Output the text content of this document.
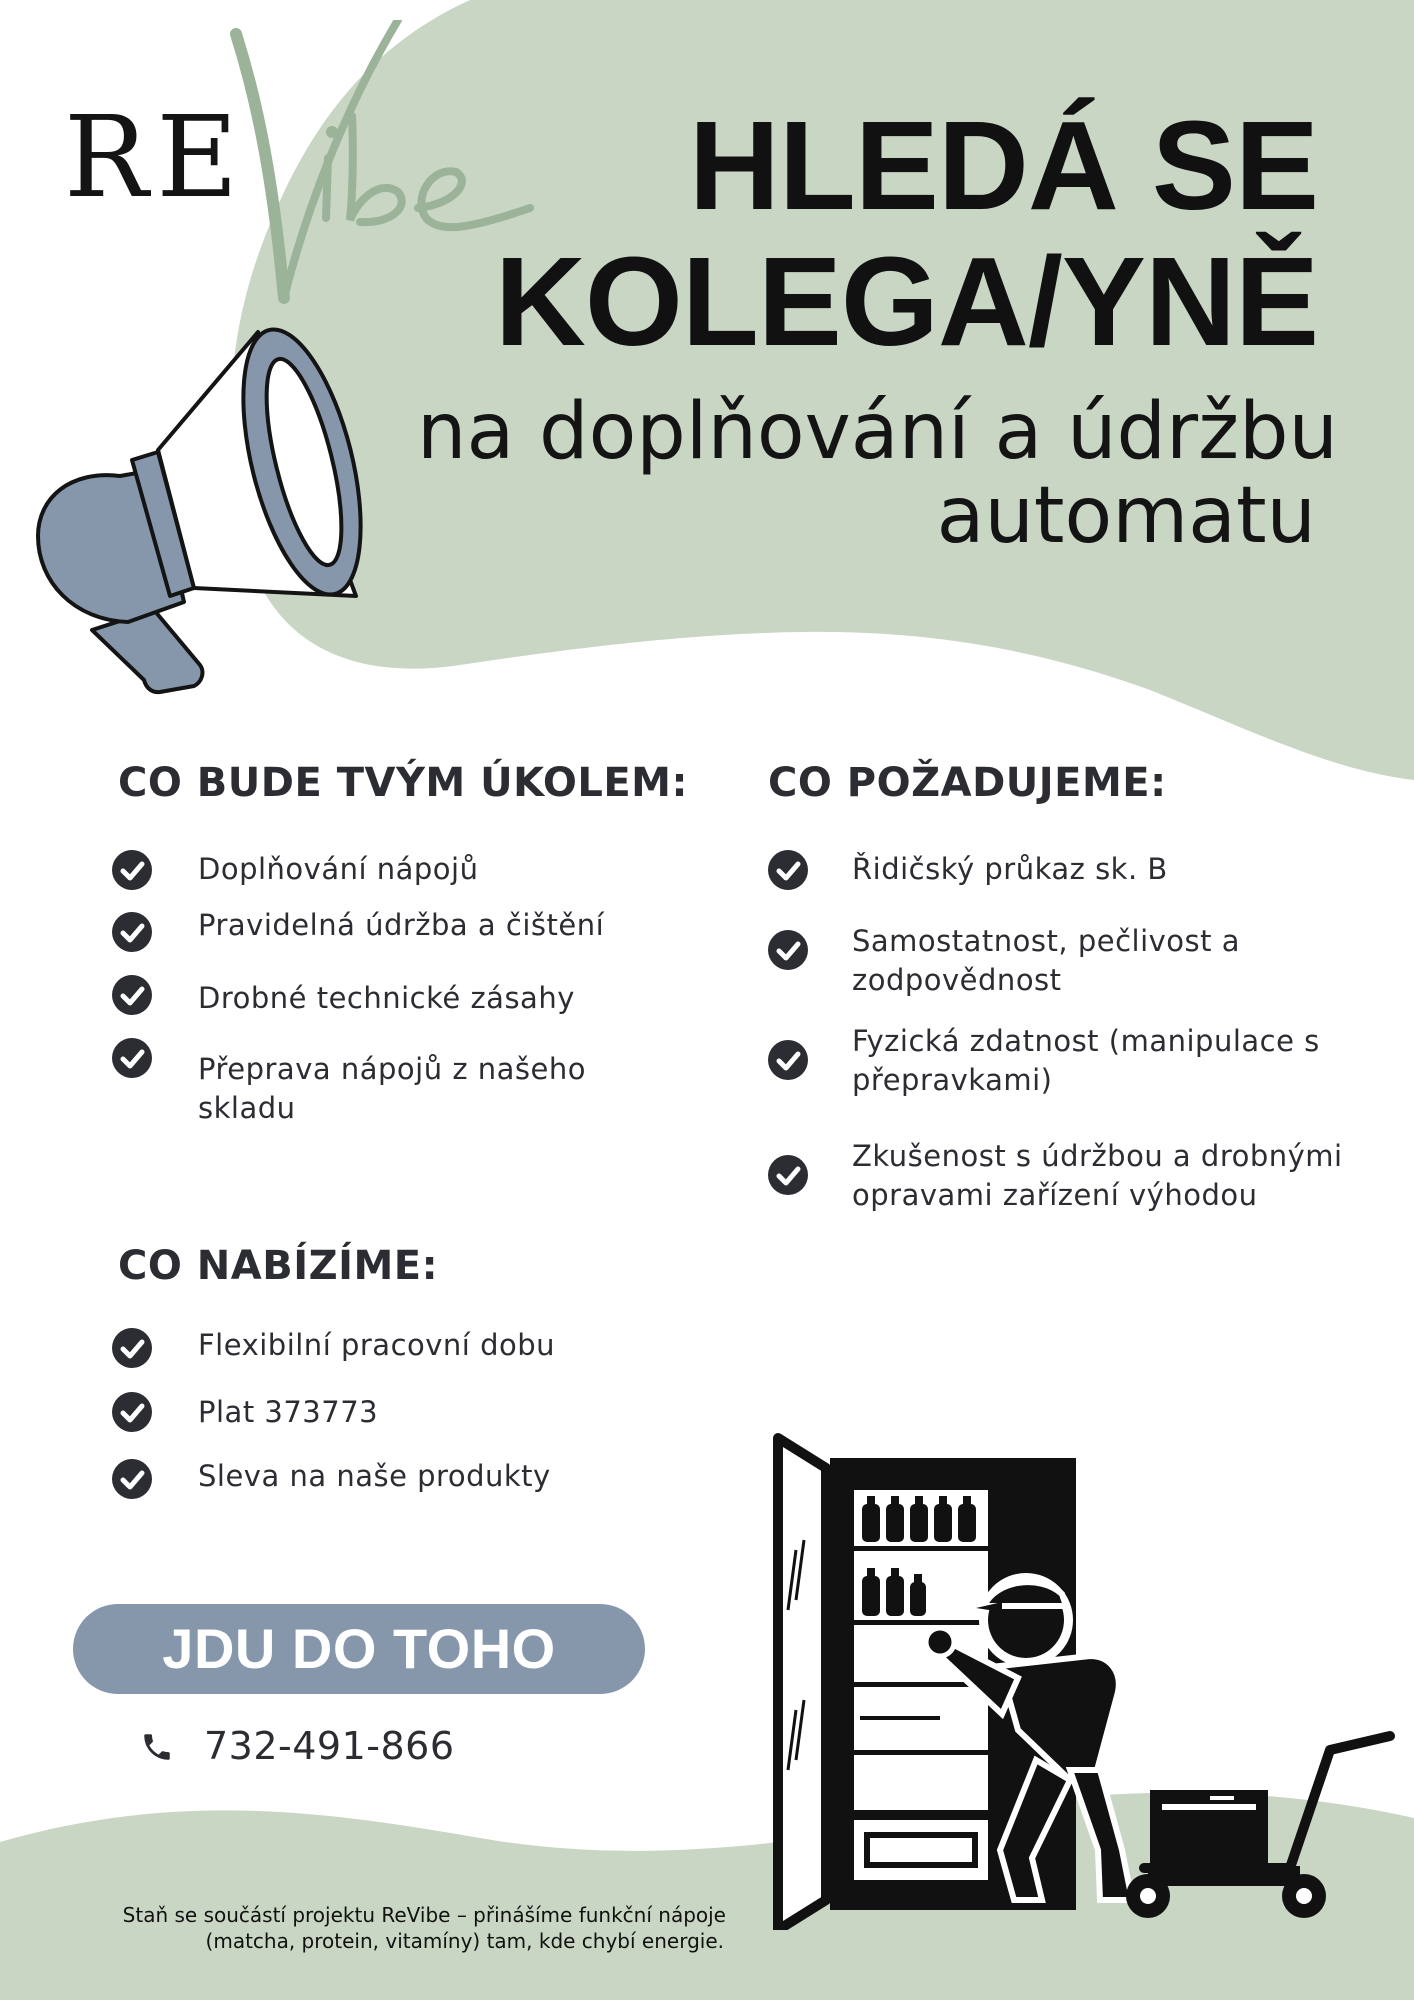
RE	HLEDÁ SE
KOLEGA/YNĚ
na doplňování a údržbu
automatu
CO BUDE TVÝM ÚKOLEM:
Doplňování nápojů
Pravidelná údržba a čištění
Drobné technické zásahy
Přeprava nápojů z našeho skladu
CO POŽADUJEME:
Řidičský průkaz sk. B
Samostatnost, pečlivost a zodpovědnost
Fyzická zdatnost (manipulace s přepravkami)
Zkušenost s údržbou a drobnými opravami zařízení výhodou
CO NABÍZÍME:
Flexibilní pracovní dobu
Plat 373773
Sleva na naše produkty
JDU DO TOHO
732-491-866
Staň se součástí projektu ReVibe – přinášíme funkční nápoje
(matcha, protein, vitamíny) tam, kde chybí energie.
